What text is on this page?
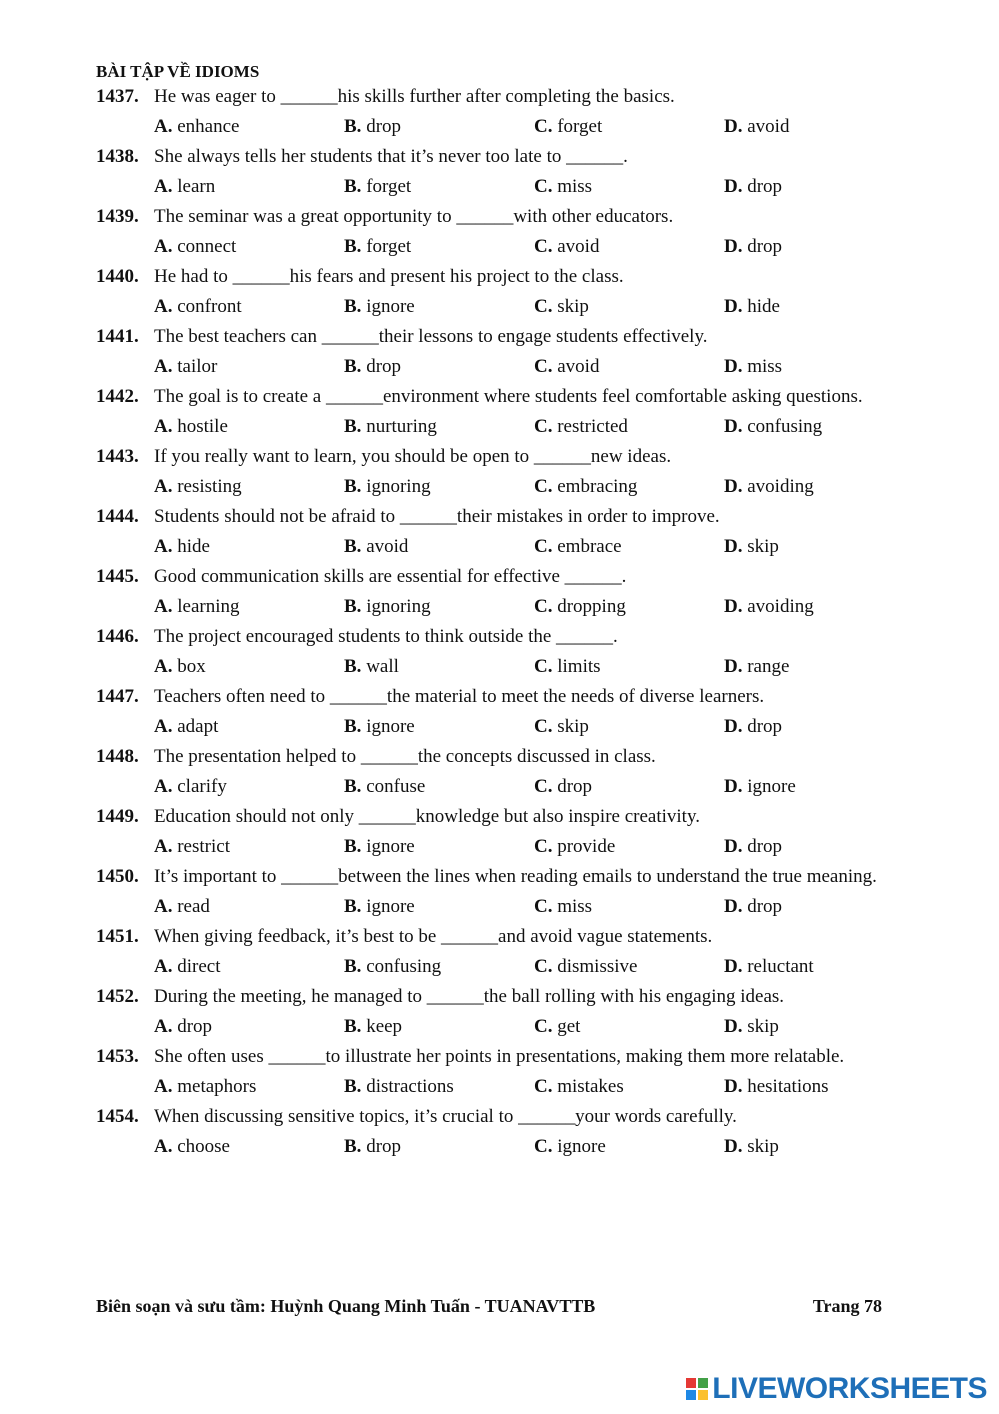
BÀI TẬP VỀ IDIOMS
1437. He was eager to ______his skills further after completing the basics.
A. enhance	B. drop	C. forget	D. avoid
1438. She always tells her students that it’s never too late to ______.
A. learn	B. forget	C. miss	D. drop
1439. The seminar was a great opportunity to ______with other educators.
A. connect	B. forget	C. avoid	D. drop
1440. He had to ______his fears and present his project to the class.
A. confront	B. ignore	C. skip	D. hide
1441. The best teachers can ______their lessons to engage students effectively.
A. tailor	B. drop	C. avoid	D. miss
1442. The goal is to create a ______environment where students feel comfortable asking questions.
A. hostile	B. nurturing	C. restricted	D. confusing
1443. If you really want to learn, you should be open to ______new ideas.
A. resisting	B. ignoring	C. embracing	D. avoiding
1444. Students should not be afraid to ______their mistakes in order to improve.
A. hide	B. avoid	C. embrace	D. skip
1445. Good communication skills are essential for effective ______.
A. learning	B. ignoring	C. dropping	D. avoiding
1446. The project encouraged students to think outside the ______.
A. box	B. wall	C. limits	D. range
1447. Teachers often need to ______the material to meet the needs of diverse learners.
A. adapt	B. ignore	C. skip	D. drop
1448. The presentation helped to ______the concepts discussed in class.
A. clarify	B. confuse	C. drop	D. ignore
1449. Education should not only ______knowledge but also inspire creativity.
A. restrict	B. ignore	C. provide	D. drop
1450. It’s important to ______between the lines when reading emails to understand the true meaning.
A. read	B. ignore	C. miss	D. drop
1451. When giving feedback, it’s best to be ______and avoid vague statements.
A. direct	B. confusing	C. dismissive	D. reluctant
1452. During the meeting, he managed to ______the ball rolling with his engaging ideas.
A. drop	B. keep	C. get	D. skip
1453. She often uses ______to illustrate her points in presentations, making them more relatable.
A. metaphors	B. distractions	C. mistakes	D. hesitations
1454. When discussing sensitive topics, it’s crucial to ______your words carefully.
A. choose	B. drop	C. ignore	D. skip
Biên soạn và sưu tầm: Huỳnh Quang Minh Tuấn - TUANAVTTB	Trang 78
LIVEWORKSHEETS
